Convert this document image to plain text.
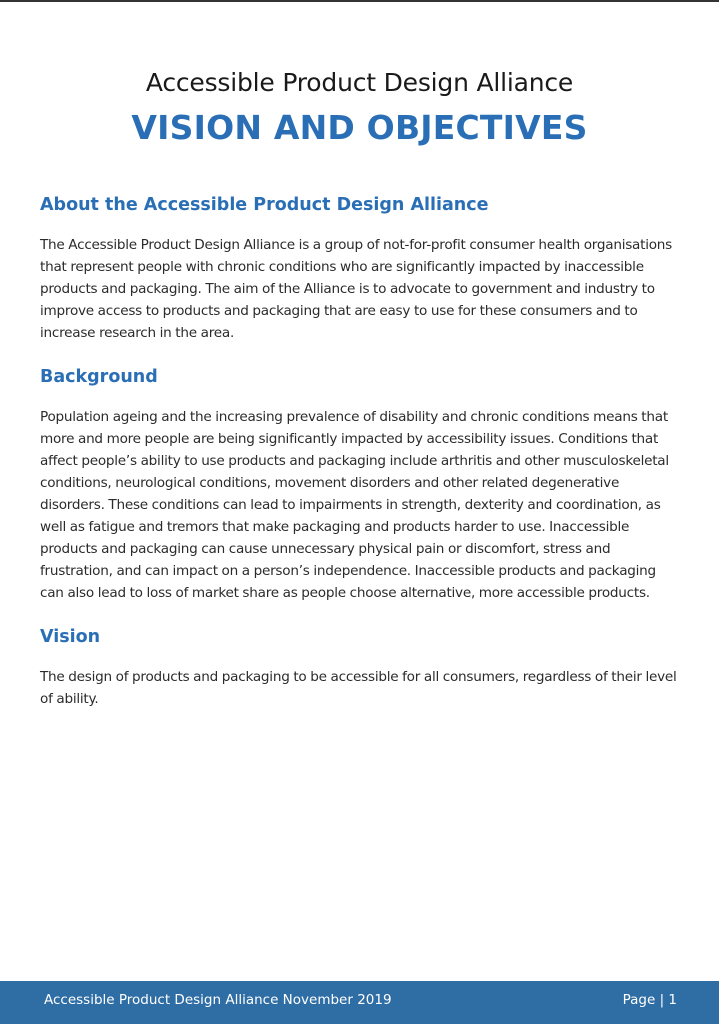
Accessible Product Design Alliance
VISION AND OBJECTIVES
About the Accessible Product Design Alliance
The Accessible Product Design Alliance is a group of not-for-profit consumer health organisations that represent people with chronic conditions who are significantly impacted by inaccessible products and packaging. The aim of the Alliance is to advocate to government and industry to improve access to products and packaging that are easy to use for these consumers and to increase research in the area.
Background
Population ageing and the increasing prevalence of disability and chronic conditions means that more and more people are being significantly impacted by accessibility issues. Conditions that affect people’s ability to use products and packaging include arthritis and other musculoskeletal conditions, neurological conditions, movement disorders and other related degenerative disorders. These conditions can lead to impairments in strength, dexterity and coordination, as well as fatigue and tremors that make packaging and products harder to use. Inaccessible products and packaging can cause unnecessary physical pain or discomfort, stress and frustration, and can impact on a person’s independence. Inaccessible products and packaging can also lead to loss of market share as people choose alternative, more accessible products.
Vision
The design of products and packaging to be accessible for all consumers, regardless of their level of ability.
Accessible Product Design Alliance November 2019	Page | 1
